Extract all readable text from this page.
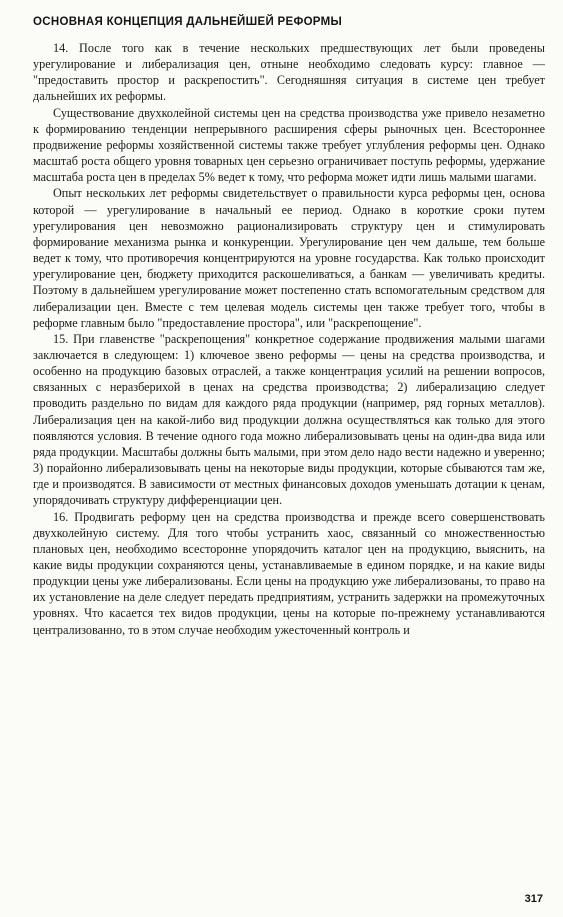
ОСНОВНАЯ КОНЦЕПЦИЯ ДАЛЬНЕЙШЕЙ РЕФОРМЫ

14. После того как в течение нескольких предшествующих лет были проведены урегулирование и либерализация цен, отныне необходимо следовать курсу: главное — "предоставить простор и раскрепостить". Сегодняшняя ситуация в системе цен требует дальнейших их реформы.

Существование двухколейной системы цен на средства производства уже привело незаметно к формированию тенденции непрерывного расширения сферы рыночных цен. Всестороннее продвижение реформы хозяйственной системы также требует углубления реформы цен. Однако масштаб роста общего уровня товарных цен серьезно ограничивает поступь реформы, удержание масштаба роста цен в пределах 5% ведет к тому, что реформа может идти лишь малыми шагами.

Опыт нескольких лет реформы свидетельствует о правильности курса реформы цен, основа которой — урегулирование в начальный ее период. Однако в короткие сроки путем урегулирования цен невозможно рационализировать структуру цен и стимулировать формирование механизма рынка и конкуренции. Урегулирование цен чем дальше, тем больше ведет к тому, что противоречия концентрируются на уровне государства. Как только происходит урегулирование цен, бюджету приходится раскошеливаться, а банкам — увеличивать кредиты. Поэтому в дальнейшем урегулирование может постепенно стать вспомогательным средством для либерализации цен. Вместе с тем целевая модель системы цен также требует того, чтобы в реформе главным было "предоставление простора", или "раскрепощение".

15. При главенстве "раскрепощения" конкретное содержание продвижения малыми шагами заключается в следующем: 1) ключевое звено реформы — цены на средства производства, и особенно на продукцию базовых отраслей, а также концентрация усилий на решении вопросов, связанных с неразберихой в ценах на средства производства; 2) либерализацию следует проводить раздельно по видам для каждого ряда продукции (например, ряд горных металлов). Либерализация цен на какой-либо вид продукции должна осуществляться как только для этого появляются условия. В течение одного года можно либерализовывать цены на один-два вида или ряда продукции. Масштабы должны быть малыми, при этом дело надо вести надежно и уверенно; 3) порайонно либерализовывать цены на некоторые виды продукции, которые сбываются там же, где и производятся. В зависимости от местных финансовых доходов уменьшать дотации к ценам, упорядочивать структуру дифференциации цен.

16. Продвигать реформу цен на средства производства и прежде всего совершенствовать двухколейную систему. Для того чтобы устранить хаос, связанный со множественностью плановых цен, необходимо всесторонне упорядочить каталог цен на продукцию, выяснить, на какие виды продукции сохраняются цены, устанавливаемые в едином порядке, и на какие виды продукции цены уже либерализованы. Если цены на продукцию уже либерализованы, то право на их установление на деле следует передать предприятиям, устранить задержки на промежуточных уровнях. Что касается тех видов продукции, цены на которые по-прежнему устанавливаются централизованно, то в этом случае необходим ужесточенный контроль и

317
